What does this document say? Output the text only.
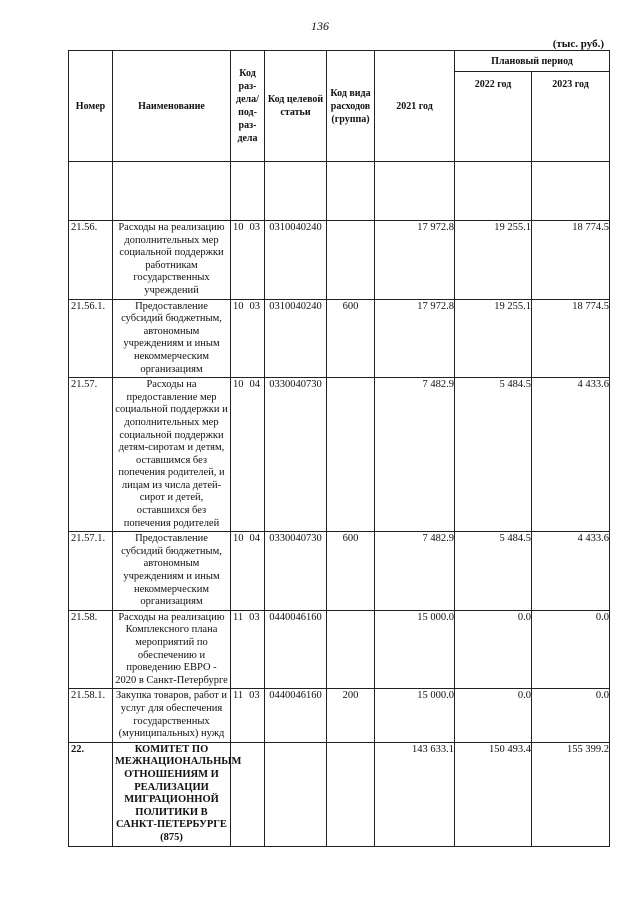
136
(тыс. руб.)
Номер	Наименование	Код раз-дела/ под-раз-дела	Код целевой статьи	Код вида расходов (группа)	2021 год	Плановый период	
						2022 год	2023 год

21.56.	Расходы на реализацию дополнительных мер социальной поддержки работникам государственных учреждений	10 03	0310040240		17 972.8	19 255.1	18 774.5
21.56.1.	Предоставление субсидий бюджетным, автономным учреждениям и иным некоммерческим организациям	10 03	0310040240	600	17 972.8	19 255.1	18 774.5
21.57.	Расходы на предоставление мер социальной поддержки и дополнительных мер социальной поддержки детям-сиротам и детям, оставшимся без попечения родителей, и лицам из числа детей-сирот и детей, оставшихся без попечения родителей	10 04	0330040730		7 482.9	5 484.5	4 433.6
21.57.1.	Предоставление субсидий бюджетным, автономным учреждениям и иным некоммерческим организациям	10 04	0330040730	600	7 482.9	5 484.5	4 433.6
21.58.	Расходы на реализацию Комплексного плана мероприятий по обеспечению и проведению ЕВРО - 2020 в Санкт-Петербурге	11 03	0440046160		15 000.0	0.0	0.0
21.58.1.	Закупка товаров, работ и услуг для обеспечения государственных (муниципальных) нужд	11 03	0440046160	200	15 000.0	0.0	0.0
22.	КОМИТЕТ ПО МЕЖНАЦИОНАЛЬНЫМ ОТНОШЕНИЯМ И РЕАЛИЗАЦИИ МИГРАЦИОННОЙ ПОЛИТИКИ В САНКТ-ПЕТЕРБУРГЕ (875)				143 633.1	150 493.4	155 399.2
